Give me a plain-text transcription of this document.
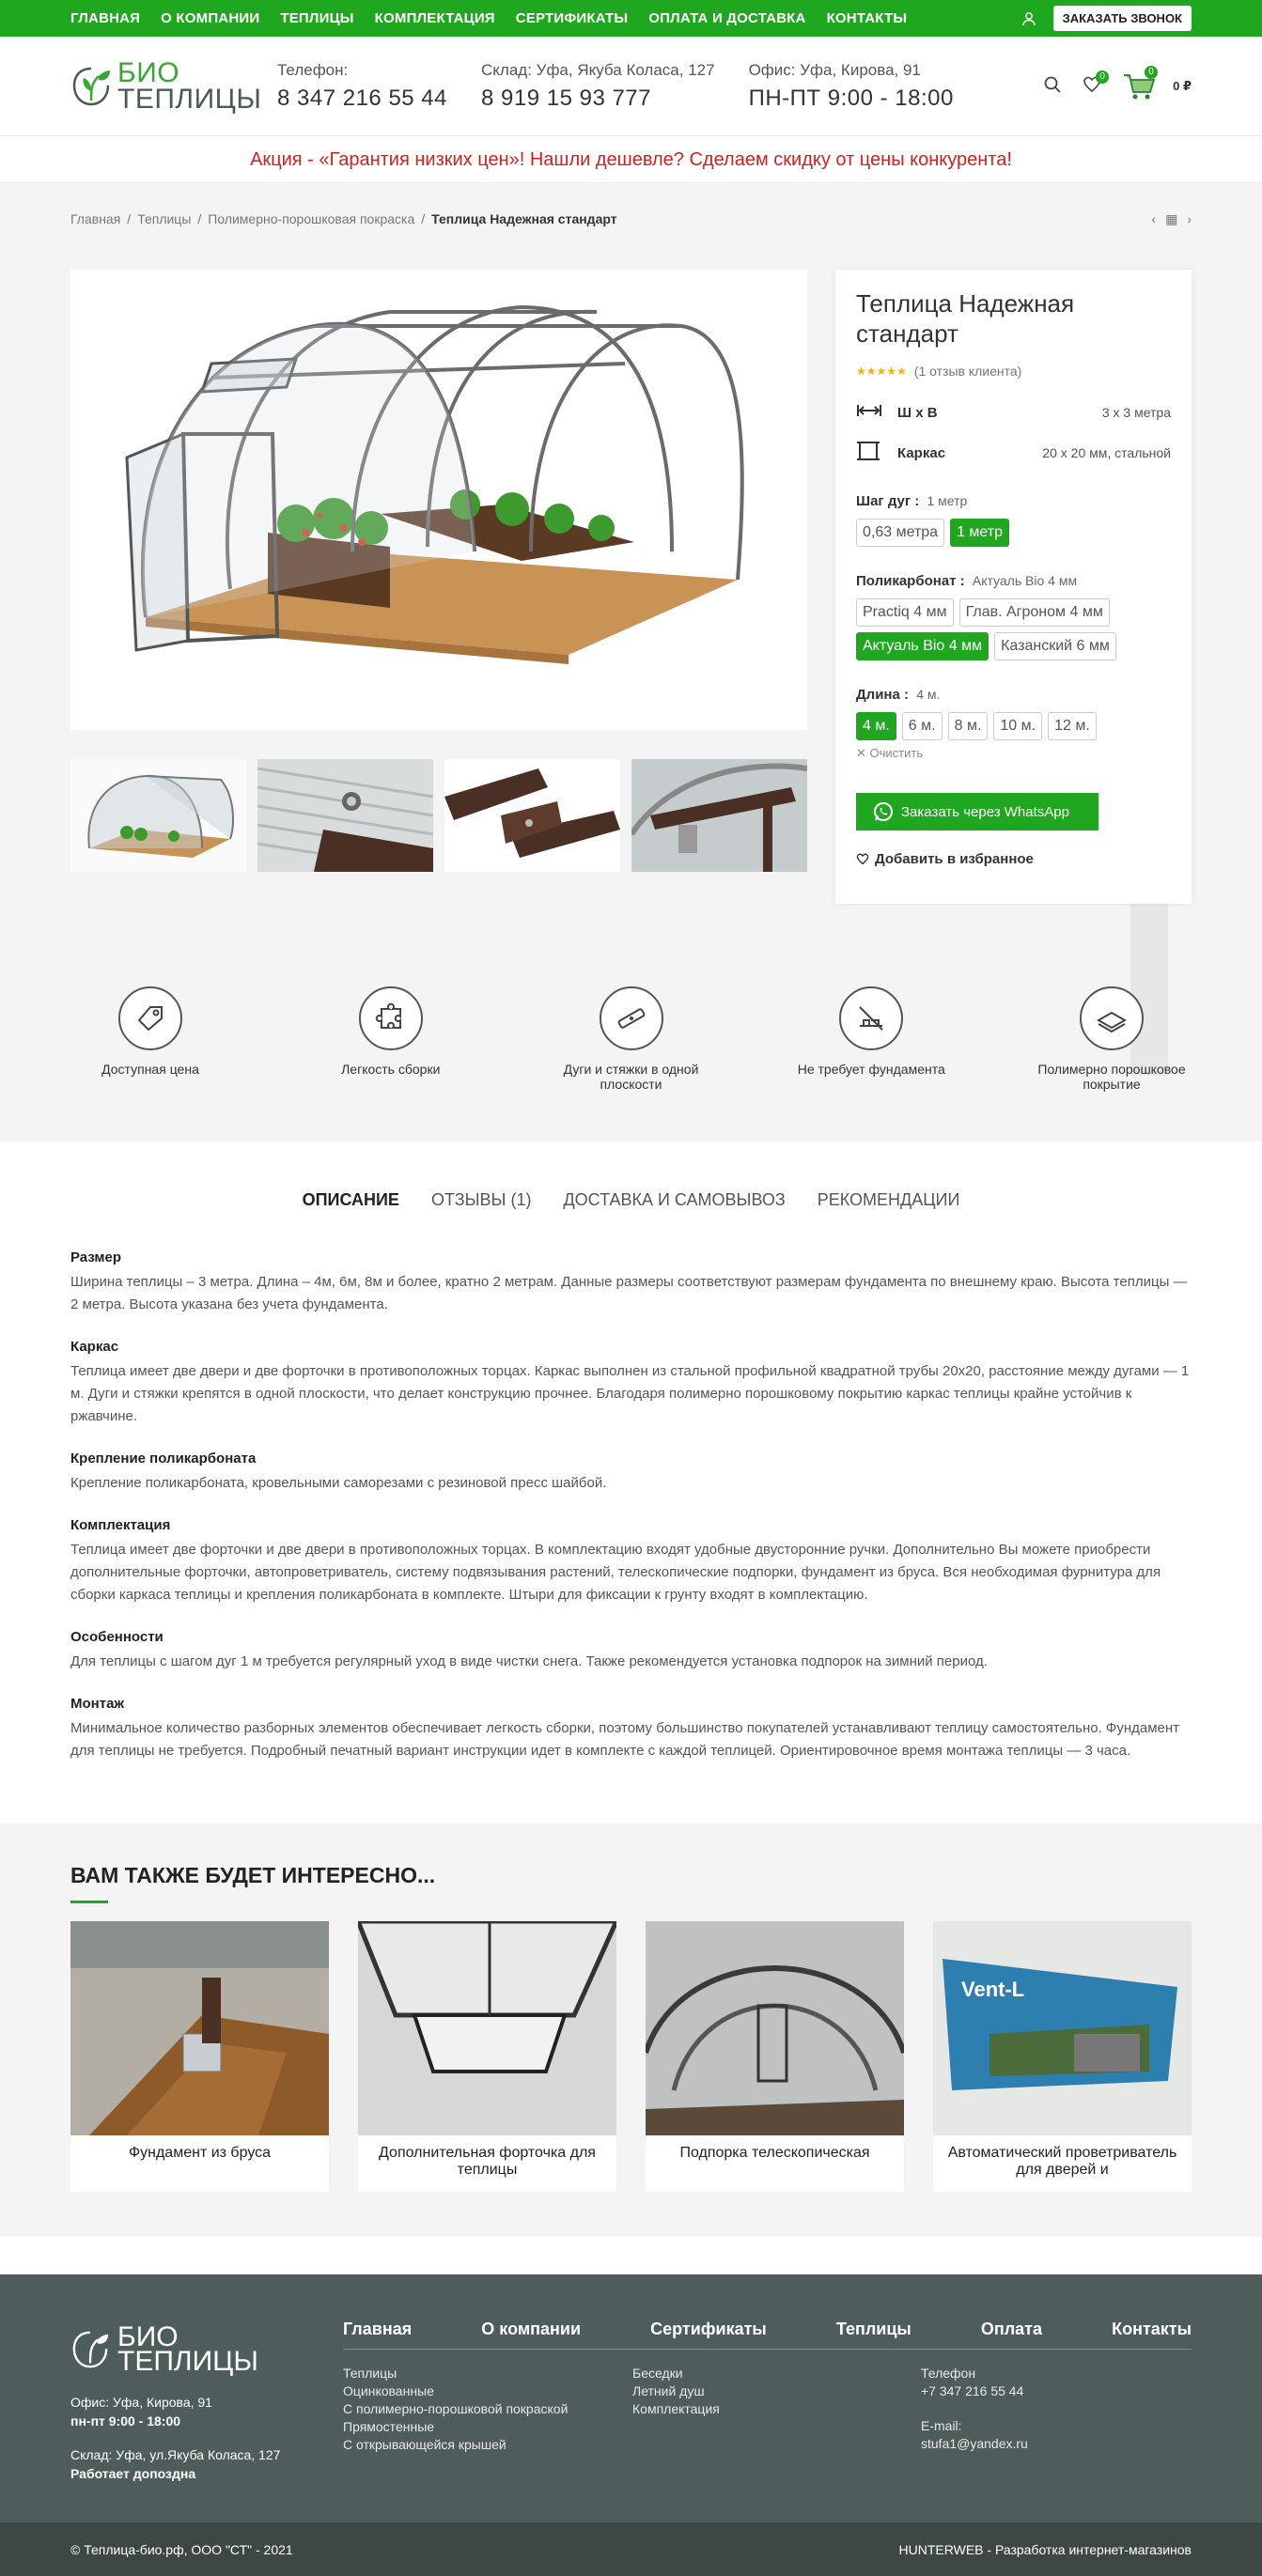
ГЛАВНАЯ О КОМПАНИИ ТЕПЛИЦЫ КОМПЛЕКТАЦИЯ СЕРТИФИКАТЫ ОПЛАТА И ДОСТАВКА КОНТАКТЫ	ЗАКАЗАТЬ ЗВОНОК
БИО
ТЕПЛИЦЫ
Телефон:
8 347 216 55 44
Склад: Уфа, Якуба Коласа, 127
8 919 15 93 777
Офис: Уфа, Кирова, 91
ПН-ПТ 9:00 - 18:00
0	0
0 ₽
Акция - «Гарантия низких цен»! Нашли дешевле? Сделаем скидку от цены конкурента!
Главная / Теплицы / Полимерно-порошковая покраска / Теплица Надежная стандарт	‹ ▦ ›
Теплица Надежная стандарт
★★★★★ (1 отзыв клиента)
Ш х В	3 х 3 метра
Каркас	20 х 20 мм, стальной
Шаг дуг : 1 метр
0,63 метра	1 метр
Поликарбонат : Актуаль Bio 4 мм
Practiq 4 мм	Глав. Агроном 4 мм
Актуаль Bio 4 мм	Казанский 6 мм
Длина : 4 м.
4 м.	6 м.	8 м.	10 м.	12 м.
✕ Очистить
Заказать через WhatsApp
Добавить в избранное
Доступная цена	Легкость сборки	Дуги и стяжки в одной плоскости
Не требует фундамента	Полимерно порошковое покрытие
ОПИСАНИЕ ОТЗЫВЫ (1) ДОСТАВКА И САМОВЫВОЗ РЕКОМЕНДАЦИИ
Размер

Ширина теплицы – 3 метра. Длина – 4м, 6м, 8м и более, кратно 2 метрам. Данные размеры соответствуют размерам фундамента по внешнему краю. Высота теплицы — 2 метра. Высота указана без учета фундамента.

Каркас

Теплица имеет две двери и две форточки в противоположных торцах. Каркас выполнен из стальной профильной квадратной трубы 20х20, расстояние между дугами — 1 м. Дуги и стяжки крепятся в одной плоскости, что делает конструкцию прочнее. Благодаря полимерно порошковому покрытию каркас теплицы крайне устойчив к ржавчине.

Крепление поликарбоната

Крепление поликарбоната, кровельными саморезами с резиновой пресс шайбой.

Комплектация

Теплица имеет две форточки и две двери в противоположных торцах. В комплектацию входят удобные двусторонние ручки. Дополнительно Вы можете приобрести дополнительные форточки, автопроветриватель, систему подвязывания растений, телескопические подпорки, фундамент из бруса. Вся необходимая фурнитура для сборки каркаса теплицы и крепления поликарбоната в комплекте. Штыри для фиксации к грунту входят в комплектацию.

Особенности

Для теплицы с шагом дуг 1 м требуется регулярный уход в виде чистки снега. Также рекомендуется установка подпорок на зимний период.

Монтаж

Минимальное количество разборных элементов обеспечивает легкость сборки, поэтому большинство покупателей устанавливают теплицу самостоятельно. Фундамент для теплицы не требуется. Подробный печатный вариант инструкции идет в комплекте с каждой теплицей. Ориентировочное время монтажа теплицы — 3 часа.

ВАМ ТАКЖЕ БУДЕТ ИНТЕРЕСНО...
Фундамент из бруса	Дополнительная форточка для теплицы
Подпорка телескопическая
Vent-L
Автоматический проветриватель для дверей и
БИО
ТЕПЛИЦЫ
Офис: Уфа, Кирова, 91
пн-пт 9:00 - 18:00
Склад: Уфа, ул.Якуба Коласа, 127
Работает допоздна
Главная	О компании	Сертификаты	Теплицы	Оплата	Контакты
Теплицы
Оцинкованные
С полимерно-порошковой покраской
Прямостенные
С открывающейся крышей
Беседки
Летний душ
Комплектация
Телефон
+7 347 216 55 44
E-mail:
stufa1@yandex.ru
© Теплица-био.рф, ООО "СТ" - 2021	HUNTERWEB - Разработка интернет-магазинов
